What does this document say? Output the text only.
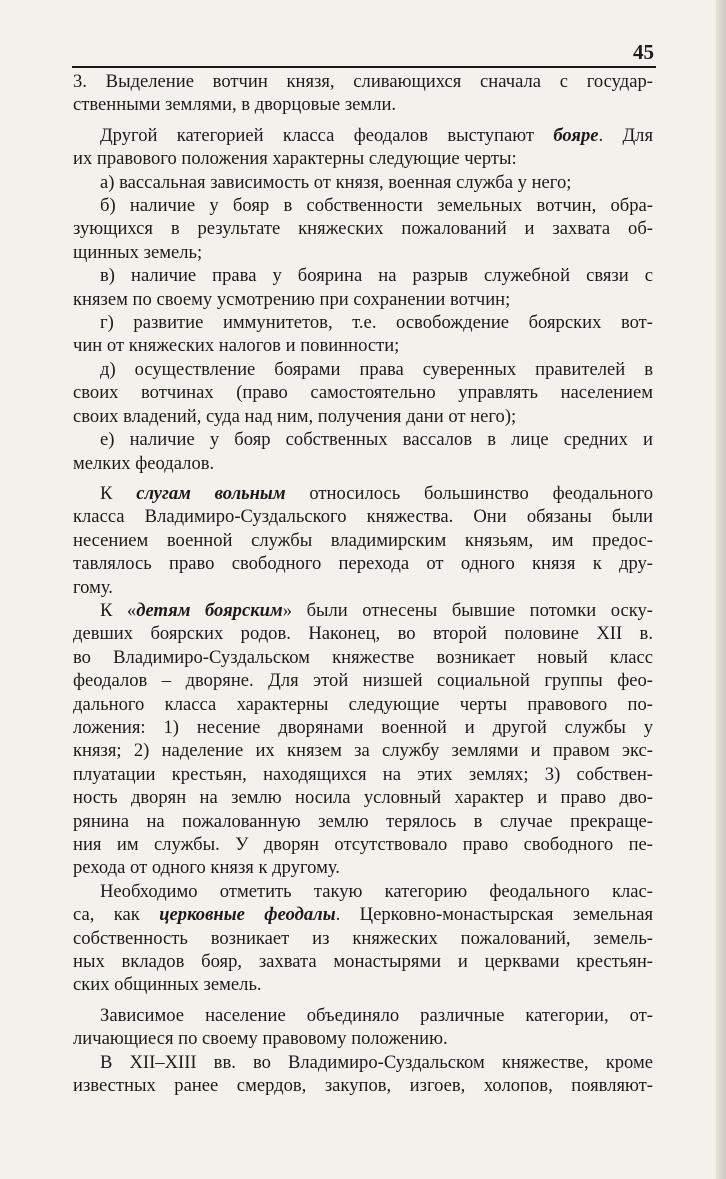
45
3. Выделение вотчин князя, сливающихся сначала с государ-
ственными землями, в дворцовые земли.
Другой категорией класса феодалов выступают бояре. Для
их правового положения характерны следующие черты:
а) вассальная зависимость от князя, военная служба у него;
б) наличие у бояр в собственности земельных вотчин, обра-
зующихся в результате княжеских пожалований и захвата об-
щинных земель;
в) наличие права у боярина на разрыв служебной связи с
князем по своему усмотрению при сохранении вотчин;
г) развитие иммунитетов, т.е. освобождение боярских вот-
чин от княжеских налогов и повинности;
д) осуществление боярами права суверенных правителей в
своих вотчинах (право самостоятельно управлять населением
своих владений, суда над ним, получения дани от него);
е) наличие у бояр собственных вассалов в лице средних и
мелких феодалов.
К слугам вольным относилось большинство феодального
класса Владимиро-Суздальского княжества. Они обязаны были
несением военной службы владимирским князьям, им предос-
тавлялось право свободного перехода от одного князя к дру-
гому.
К «детям боярским» были отнесены бывшие потомки оску-
девших боярских родов. Наконец, во второй половине XII в.
во Владимиро-Суздальском княжестве возникает новый класс
феодалов – дворяне. Для этой низшей социальной группы фео-
дального класса характерны следующие черты правового по-
ложения: 1) несение дворянами военной и другой службы у
князя; 2) наделение их князем за службу землями и правом экс-
плуатации крестьян, находящихся на этих землях; 3) собствен-
ность дворян на землю носила условный характер и право дво-
рянина на пожалованную землю терялось в случае прекраще-
ния им службы. У дворян отсутствовало право свободного пе-
рехода от одного князя к другому.
Необходимо отметить такую категорию феодального клас-
са, как церковные феодалы. Церковно-монастырская земельная
собственность возникает из княжеских пожалований, земель-
ных вкладов бояр, захвата монастырями и церквами крестьян-
ских общинных земель.
Зависимое население объединяло различные категории, от-
личающиеся по своему правовому положению.
В XII–XIII вв. во Владимиро-Суздальском княжестве, кроме
известных ранее смердов, закупов, изгоев, холопов, появляют-
